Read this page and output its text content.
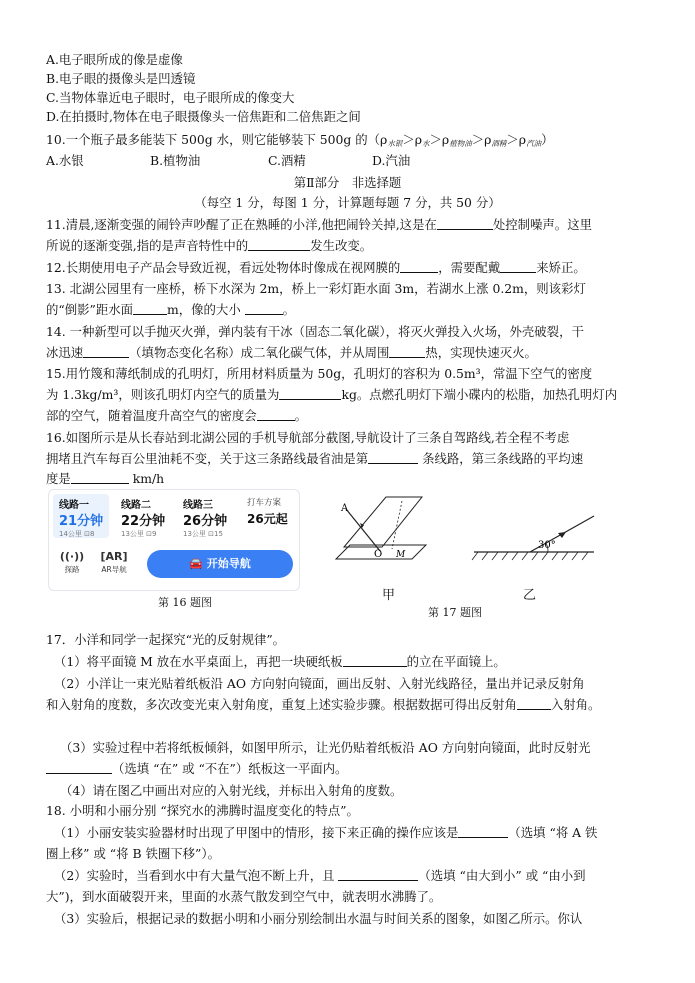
A.电子眼所成的像是虚像
B.电子眼的摄像头是凹透镜
C.当物体靠近电子眼时，电子眼所成的像变大
D.在拍摄时,物体在电子眼摄像头一倍焦距和二倍焦距之间
10.一个瓶子最多能装下 500g 水，则它能够装下 500g 的$(\rho_{水银}>\rho_水>\rho_{植物油}>\rho_{酒精}>\rho_{汽油})$
A.水银	B.植物油	C.酒精	D.汽油
第Ⅱ部分　非选择题
（每空 1 分，每图 1 分，计算题每题 7 分，共 50 分）
11.清晨,逐渐变强的闹铃声吵醒了正在熟睡的小洋,他把闹铃关掉,这是在	处控制噪声。这里
所说的逐渐变强,指的是声音特性中的	发生改变。
12.长期使用电子产品会导致近视，看远处物体时像成在视网膜的	，需要配戴	来矫正。
13. 北湖公园里有一座桥，桥下水深为 2m，桥上一彩灯距水面 3m，若湖水上涨 0.2m，则该彩灯
的“倒影”距水面	m，像的大小	。
14. 一种新型可以手抛灭火弹，弹内装有干冰（固态二氧化碳），将灭火弹投入火场，外壳破裂，干
冰迅速	（填物态变化名称）成二氧化碳气体，并从周围	热，实现快速灭火。
15.用竹篾和薄纸制成的孔明灯，所用材料质量为 50g，孔明灯的容积为 0.5m³，常温下空气的密度
为 1.3kg/m³，则该孔明灯内空气的质量为	kg。点燃孔明灯下端小碟内的松脂，加热孔明灯内
部的空气，随着温度升高空气的密度会	。
16.如图所示是从长春站到北湖公园的手机导航部分截图,导航设计了三条自驾路线,若全程不考虑
拥堵且汽车每百公里油耗不变，关于这三条路线最省油是第	条线路，第三条线路的平均速
度是	km/h
线路一
21分钟
14公里 ⊡8
线路二
22分钟
13公里 ⊡9
线路三
26分钟
13公里 ⊡15
打车方案
26元起
((·))
探路
[AR]
AR导航	🚘 开始导航
第 16 题图
A
O M
30°
甲	乙
第 17 题图
17．小洋和同学一起探究“光的反射规律”。
（1）将平面镜 M 放在水平桌面上，再把一块硬纸板	的立在平面镜上。
（2）小洋让一束光贴着纸板沿 AO 方向射向镜面，画出反射、入射光线路径，量出并记录反射角
和入射角的度数，多次改变光束入射角度，重复上述实验步骤。根据数据可得出反射角	入射角。
（3）实验过程中若将纸板倾斜，如图甲所示，让光仍贴着纸板沿 AO 方向射向镜面，此时反射光
（选填 “在” 或 “不在”）纸板这一平面内。
（4）请在图乙中画出对应的入射光线，并标出入射角的度数。
18. 小明和小丽分别 “探究水的沸腾时温度变化的特点”。
（1）小丽安装实验器材时出现了甲图中的情形，接下来正确的操作应该是	（选填 “将 A 铁
圈上移” 或 “将 B 铁圈下移”）。
（2）实验时，当看到水中有大量气泡不断上升，且	（选填 “由大到小” 或 “由小到
大”)，到水面破裂开来，里面的水蒸气散发到空气中，就表明水沸腾了。
（3）实验后，根据记录的数据小明和小丽分别绘制出水温与时间关系的图象，如图乙所示。你认
